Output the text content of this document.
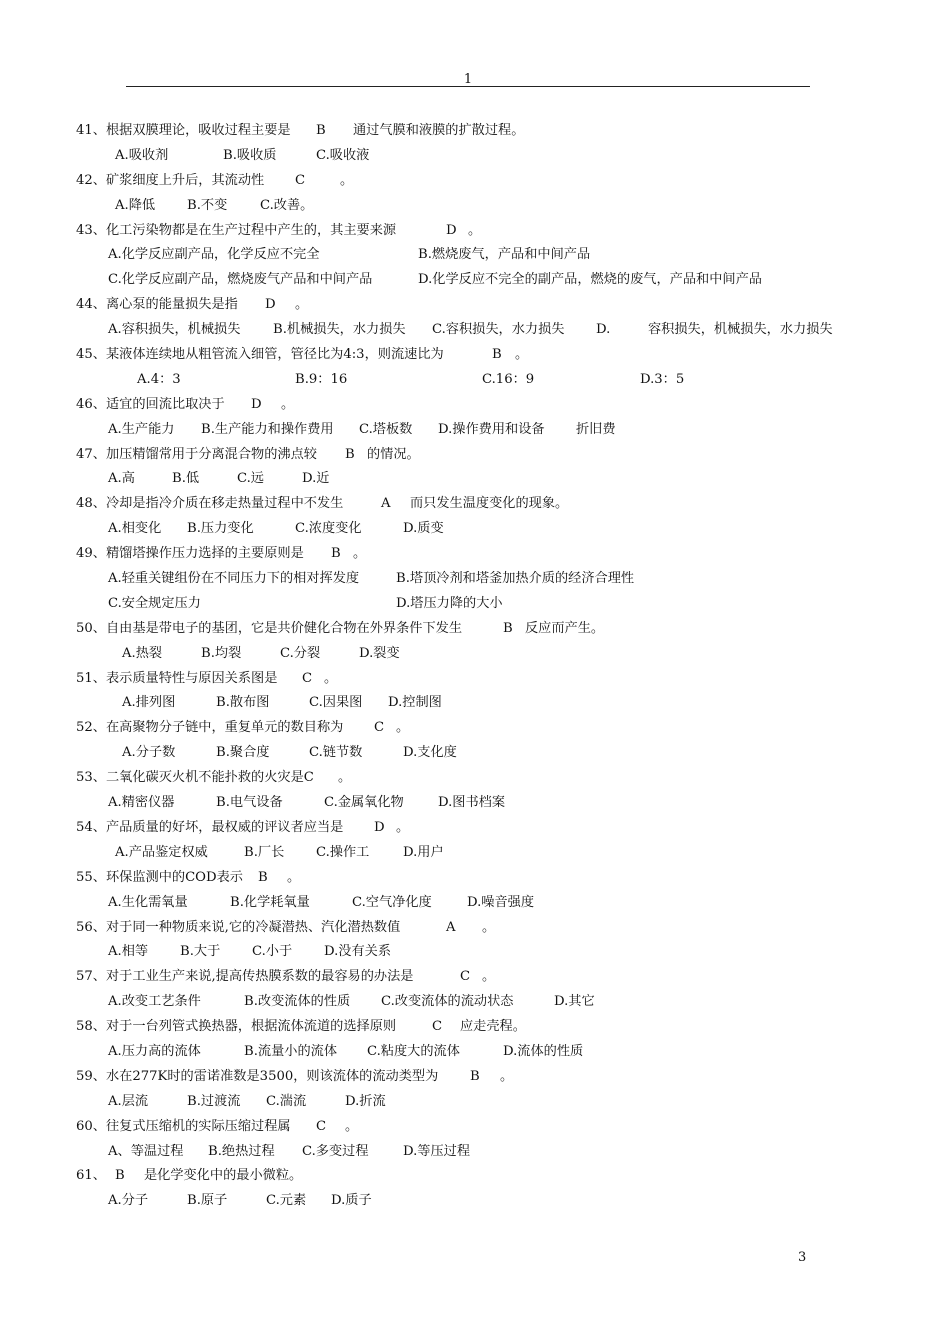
1
41、根据双膜理论，吸收过程主要是 B 通过气膜和液膜的扩散过程。
A.吸收剂	B.吸收质	C.吸收液
42、矿浆细度上升后，其流动性 C	。
A.降低 B.不变 C.改善。
43、化工污染物都是在生产过程中产生的，其主要来源	D 。
A.化学反应副产品，化学反应不完全	B.燃烧废气，产品和中间产品
C.化学反应副产品，燃烧废气产品和中间产品	D.化学反应不完全的副产品，燃烧的废气，产品和中间产品
44、离心泵的能量损失是指 D 。
A.容积损失，机械损失 B.机械损失，水力损失 C.容积损失，水力损失 D.	容积损失，机械损失，水力损失
45、某液体连续地从粗管流入细管，管径比为4:3，则流速比为	B 。
A.4：3	B.9：16	C.16：9	D.3：5
46、适宜的回流比取决于 D 。
A.生产能力 B.生产能力和操作费用 C.塔板数 D.操作费用和设备 折旧费
47、加压精馏常用于分离混合物的沸点较 B 的情况。
A.高	B.低	C.远	D.近
48、冷却是指冷介质在移走热量过程中不发生	A 而只发生温度变化的现象。
A.相变化 B.压力变化	C.浓度变化	D.质变
49、精馏塔操作压力选择的主要原则是 B 。
A.轻重关键组份在不同压力下的相对挥发度	B.塔顶冷剂和塔釜加热介质的经济合理性
C.安全规定压力	D.塔压力降的大小
50、自由基是带电子的基团，它是共价健化合物在外界条件下发生	B 反应而产生。
A.热裂	B.均裂	C.分裂	D.裂变
51、表示质量特性与原因关系图是 C 。
A.排列图	B.散布图	C.因果图 D.控制图
52、在高聚物分子链中，重复单元的数目称为 C 。
A.分子数	B.聚合度	C.链节数	D.支化度
53、二氧化碳灭火机不能扑救的火灾是C 。
A.精密仪器	B.电气设备	C.金属氧化物	D.图书档案
54、产品质量的好坏，最权威的评议者应当是 D 。
A.产品鉴定权威	B.厂长 C.操作工	D.用户
55、环保监测中的COD表示 B 。
A.生化需氧量	B.化学耗氧量	C.空气净化度	D.噪音强度
56、对于同一种物质来说,它的冷凝潜热、汽化潜热数值	A 。
A.相等 B.大于 C.小于 D.没有关系
57、对于工业生产来说,提高传热膜系数的最容易的办法是	C 。
A.改变工艺条件	B.改变流体的性质 C.改变流体的流动状态	D.其它
58、对于一台列管式换热器，根据流体流道的选择原则	C 应走壳程。
A.压力高的流体	B.流量小的流体 C.粘度大的流体	D.流体的性质
59、水在277K时的雷诺准数是3500，则该流体的流动类型为 B 。
A.层流	B.过渡流 C.湍流	D.折流
60、往复式压缩机的实际压缩过程属 C 。
A、等温过程 B.绝热过程 C.多变过程	D.等压过程
61、 B 是化学变化中的最小微粒。
A.分子	B.原子	C.元素 D.质子
3
